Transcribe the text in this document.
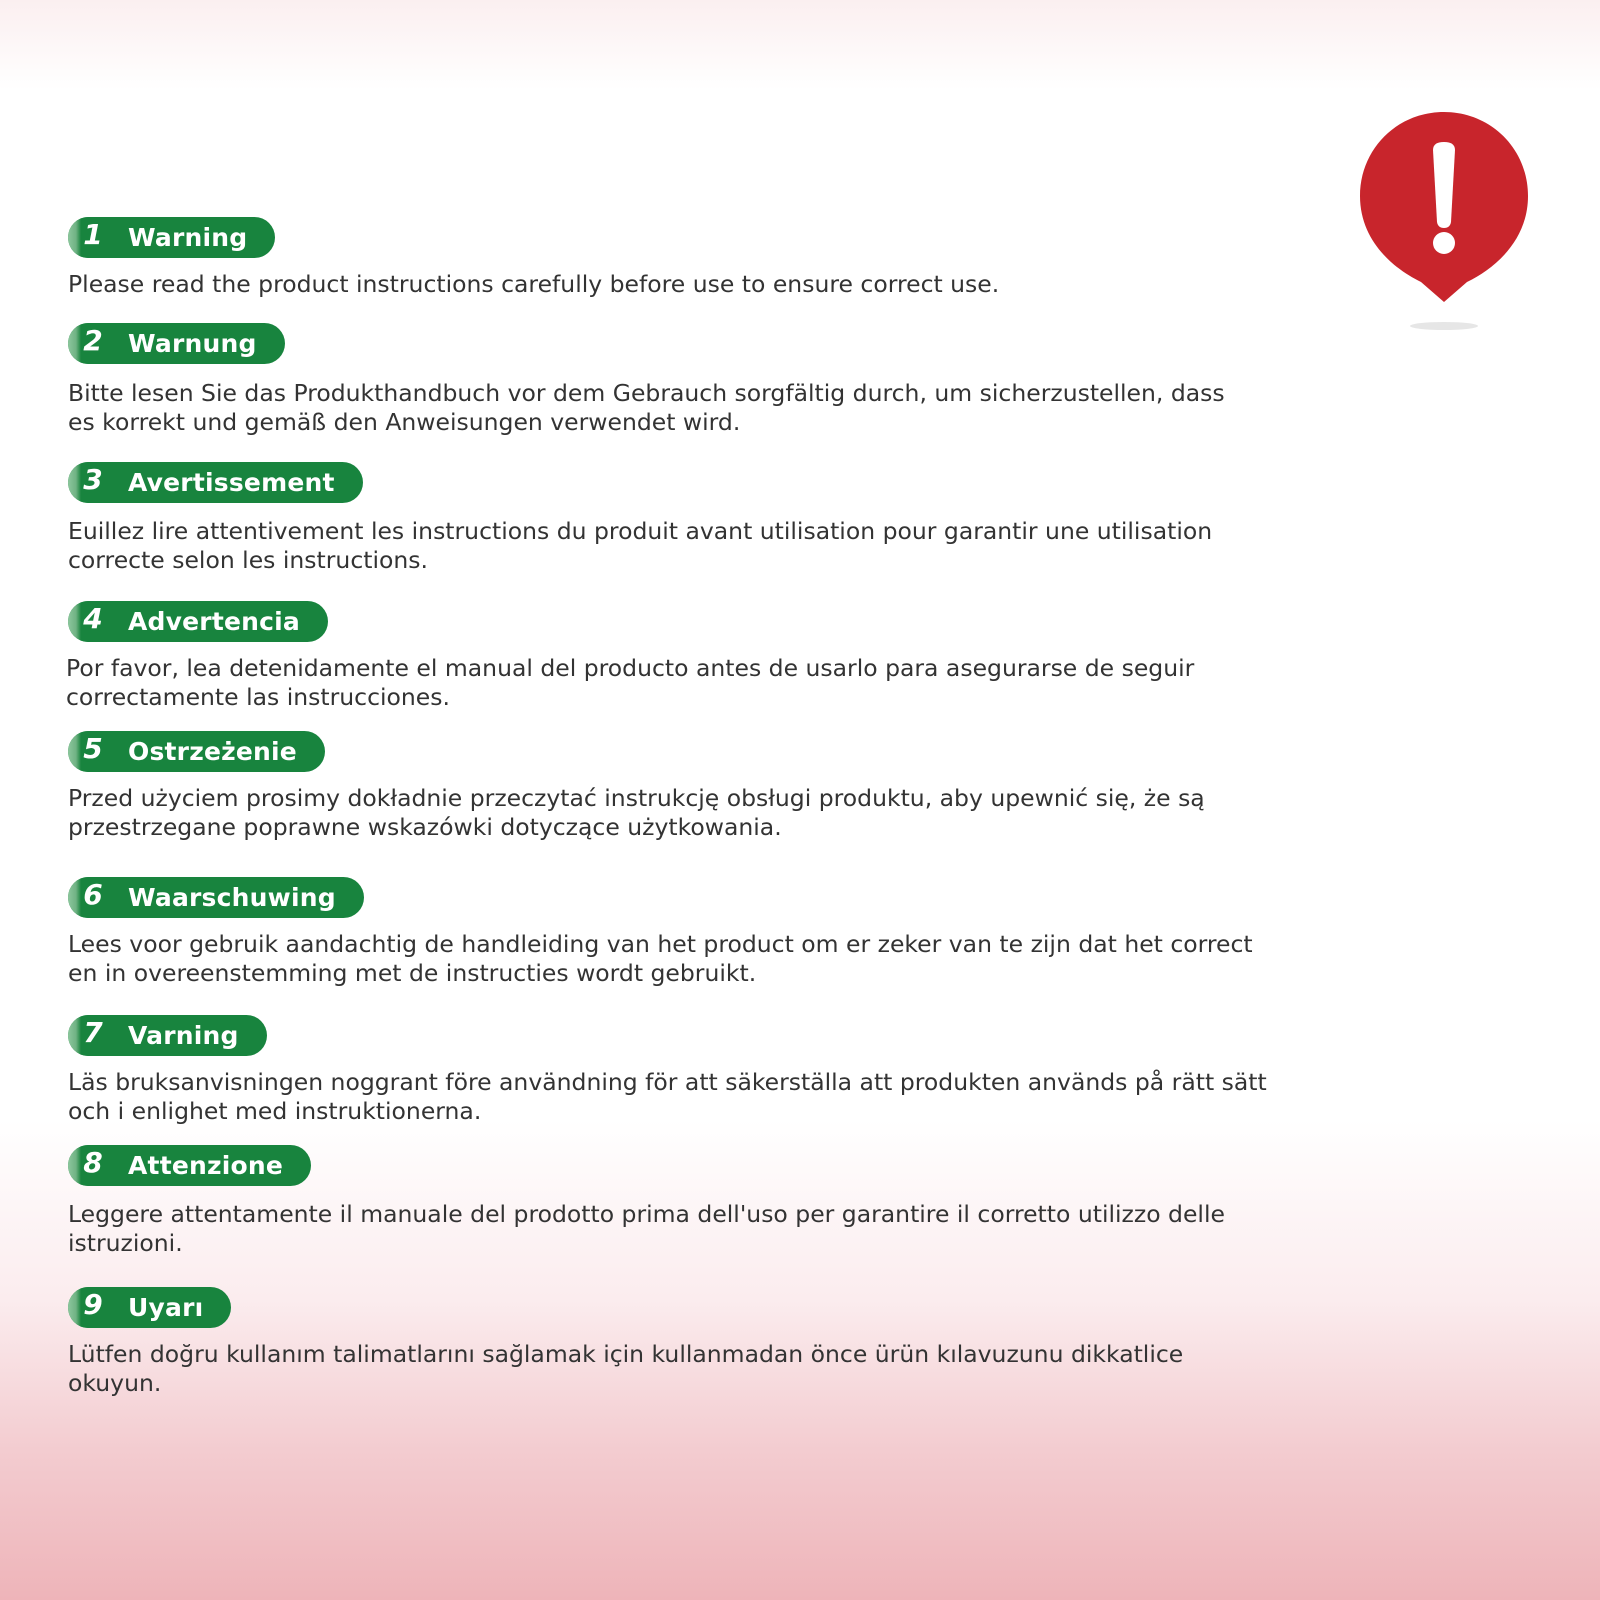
1 Warning
Please read the product instructions carefully before use to ensure correct use.
2 Warnung
Bitte lesen Sie das Produkthandbuch vor dem Gebrauch sorgfältig durch, um sicherzustellen, dass
es korrekt und gemäß den Anweisungen verwendet wird.
3 Avertissement
Euillez lire attentivement les instructions du produit avant utilisation pour garantir une utilisation
correcte selon les instructions.
4 Advertencia
Por favor, lea detenidamente el manual del producto antes de usarlo para asegurarse de seguir
correctamente las instrucciones.
5 Ostrzeżenie
Przed użyciem prosimy dokładnie przeczytać instrukcję obsługi produktu, aby upewnić się, że są
przestrzegane poprawne wskazówki dotyczące użytkowania.
6 Waarschuwing
Lees voor gebruik aandachtig de handleiding van het product om er zeker van te zijn dat het correct
en in overeenstemming met de instructies wordt gebruikt.
7 Varning
Läs bruksanvisningen noggrant före användning för att säkerställa att produkten används på rätt sätt
och i enlighet med instruktionerna.
8 Attenzione
Leggere attentamente il manuale del prodotto prima dell'uso per garantire il corretto utilizzo delle
istruzioni.
9 Uyarı
Lütfen doğru kullanım talimatlarını sağlamak için kullanmadan önce ürün kılavuzunu dikkatlice
okuyun.
